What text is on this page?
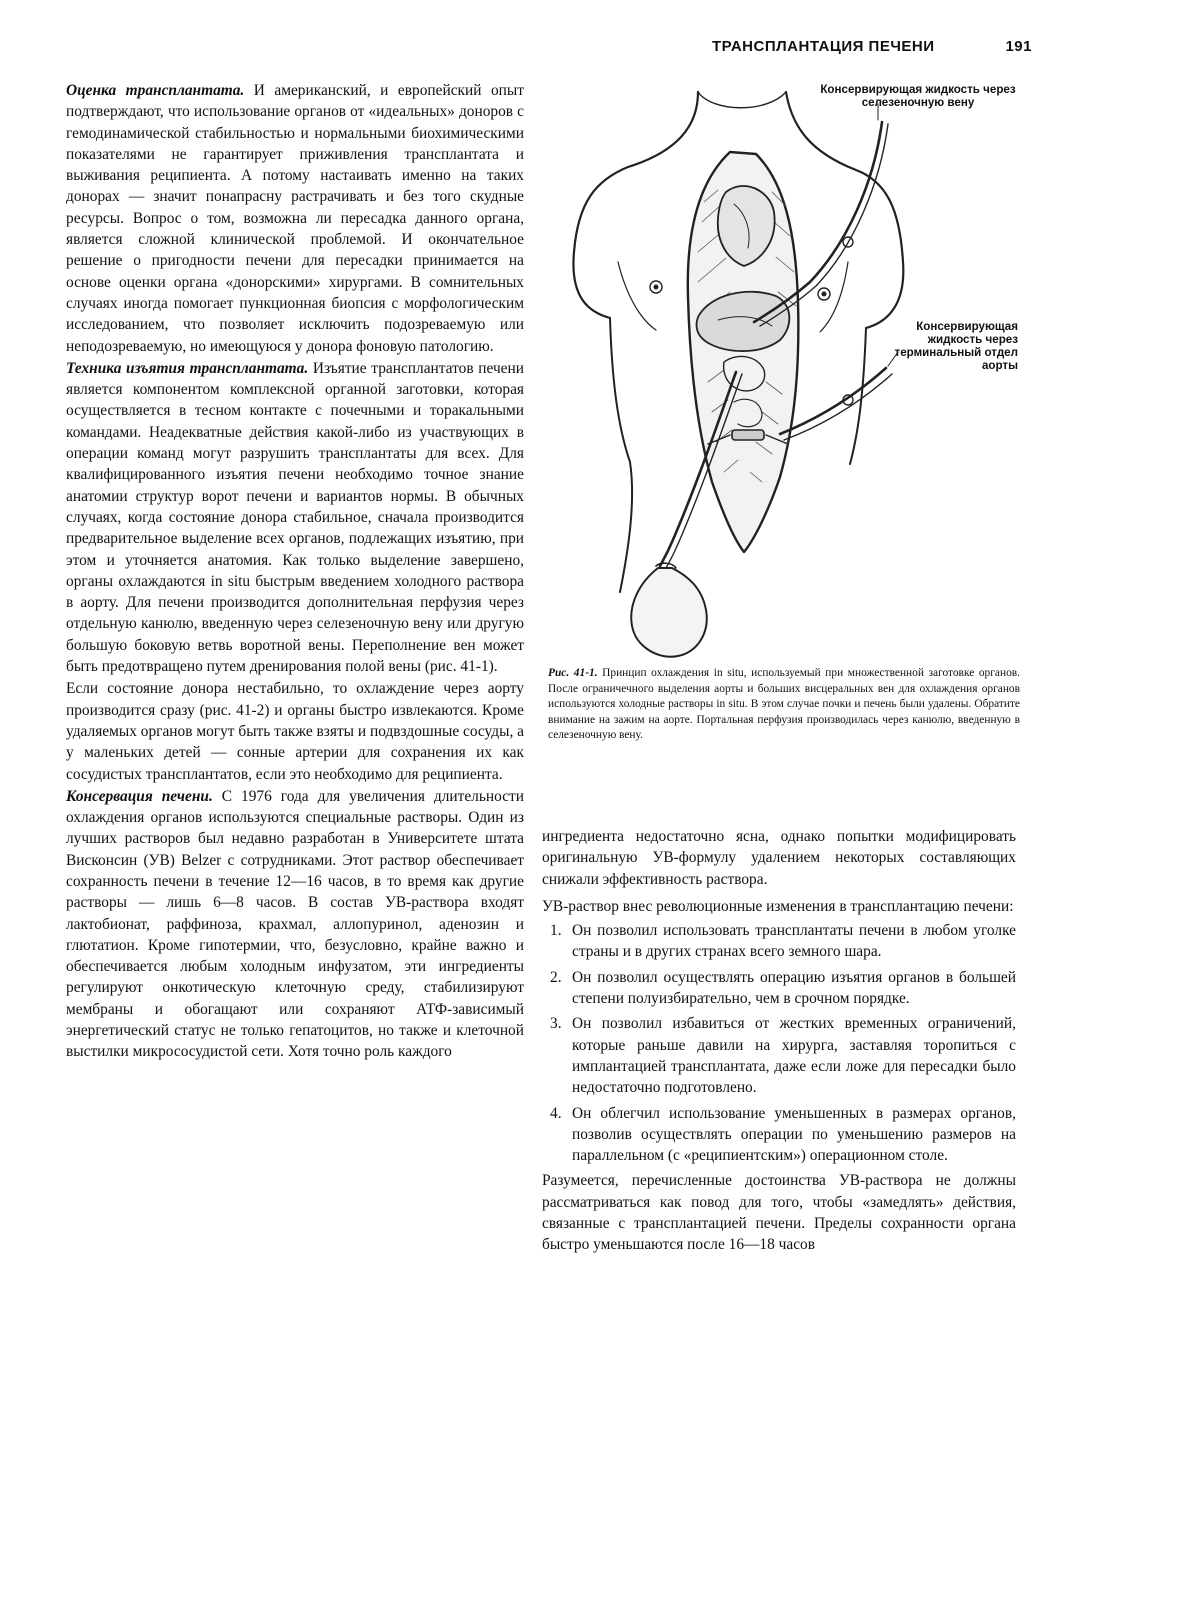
ТРАНСПЛАНТАЦИЯ ПЕЧЕНИ	191

Оценка трансплантата. И американский, и европейский опыт подтверждают, что использование органов от «идеальных» доноров с гемодинамической стабильностью и нормальными биохимическими показателями не гарантирует приживления трансплантата и выживания реципиента. А потому настаивать именно на таких донорах — значит понапрасну растрачивать и без того скудные ресурсы. Вопрос о том, возможна ли пересадка данного органа, является сложной клинической проблемой. И окончательное решение о пригодности печени для пересадки принимается на основе оценки органа «донорскими» хирургами. В сомнительных случаях иногда помогает пункционная биопсия с морфологическим исследованием, что позволяет исключить подозреваемую или неподозреваемую, но имеющуюся у донора фоновую патологию.

Техника изъятия трансплантата. Изъятие трансплантатов печени является компонентом комплексной органной заготовки, которая осуществляется в тесном контакте с почечными и торакальными командами. Неадекватные действия какой-либо из участвующих в операции команд могут разрушить трансплантаты для всех. Для квалифицированного изъятия печени необходимо точное знание анатомии структур ворот печени и вариантов нормы. В обычных случаях, когда состояние донора стабильное, сначала производится предварительное выделение всех органов, подлежащих изъятию, при этом и уточняется анатомия. Как только выделение завершено, органы охлаждаются in situ быстрым введением холодного раствора в аорту. Для печени производится дополнительная перфузия через отдельную канюлю, введенную через селезеночную вену или другую большую боковую ветвь воротной вены. Переполнение вен может быть предотвращено путем дренирования полой вены (рис. 41-1).

Если состояние донора нестабильно, то охлаждение через аорту производится сразу (рис. 41-2) и органы быстро извлекаются. Кроме удаляемых органов могут быть также взяты и подвздошные сосуды, а у маленьких детей — сонные артерии для сохранения их как сосудистых трансплантатов, если это необходимо для реципиента.

Консервация печени. С 1976 года для увеличения длительности охлаждения органов используются специальные растворы. Один из лучших растворов был недавно разработан в Университете штата Висконсин (УВ) Belzer с сотрудниками. Этот раствор обеспечивает сохранность печени в течение 12—16 часов, в то время как другие растворы — лишь 6—8 часов. В состав УВ-раствора входят лактобионат, раффиноза, крахмал, аллопуринол, аденозин и глютатион. Кроме гипотермии, что, безусловно, крайне важно и обеспечивается любым холодным инфузатом, эти ингредиенты регулируют онкотическую клеточную среду, стабилизируют мембраны и обогащают или сохраняют АТФ-зависимый энергетический статус не только гепатоцитов, но также и клеточной выстилки микрососудистой сети. Хотя точно роль каждого

Консервирующая жидкость через селезеночную вену
Консервирующая жидкость через терминальный отдел аорты
Рис. 41-1. Принцип охлаждения in situ, используемый при множественной заготовке органов. После ограничечного выделения аорты и больших висцеральных вен для охлаждения органов используются холодные растворы in situ. В этом случае почки и печень были удалены. Обратите внимание на зажим на аорте. Портальная перфузия производилась через канюлю, введенную в селезеночную вену.

ингредиента недостаточно ясна, однако попытки модифицировать оригинальную УВ-формулу удалением некоторых составляющих снижали эффективность раствора.

УВ-раствор внес революционные изменения в трансплантацию печени:

1. Он позволил использовать трансплантаты печени в любом уголке страны и в других странах всего земного шара.
2. Он позволил осуществлять операцию изъятия органов в большей степени полуизбирательно, чем в срочном порядке.
3. Он позволил избавиться от жестких временных ограничений, которые раньше давили на хирурга, заставляя торопиться с имплантацией трансплантата, даже если ложе для пересадки было недостаточно подготовлено.
4. Он облегчил использование уменьшенных в размерах органов, позволив осуществлять операции по уменьшению размеров на параллельном (с «реципиентским») операционном столе.

Разумеется, перечисленные достоинства УВ-раствора не должны рассматриваться как повод для того, чтобы «замедлять» действия, связанные с трансплантацией печени. Пределы сохранности органа быстро уменьшаются после 16—18 часов
